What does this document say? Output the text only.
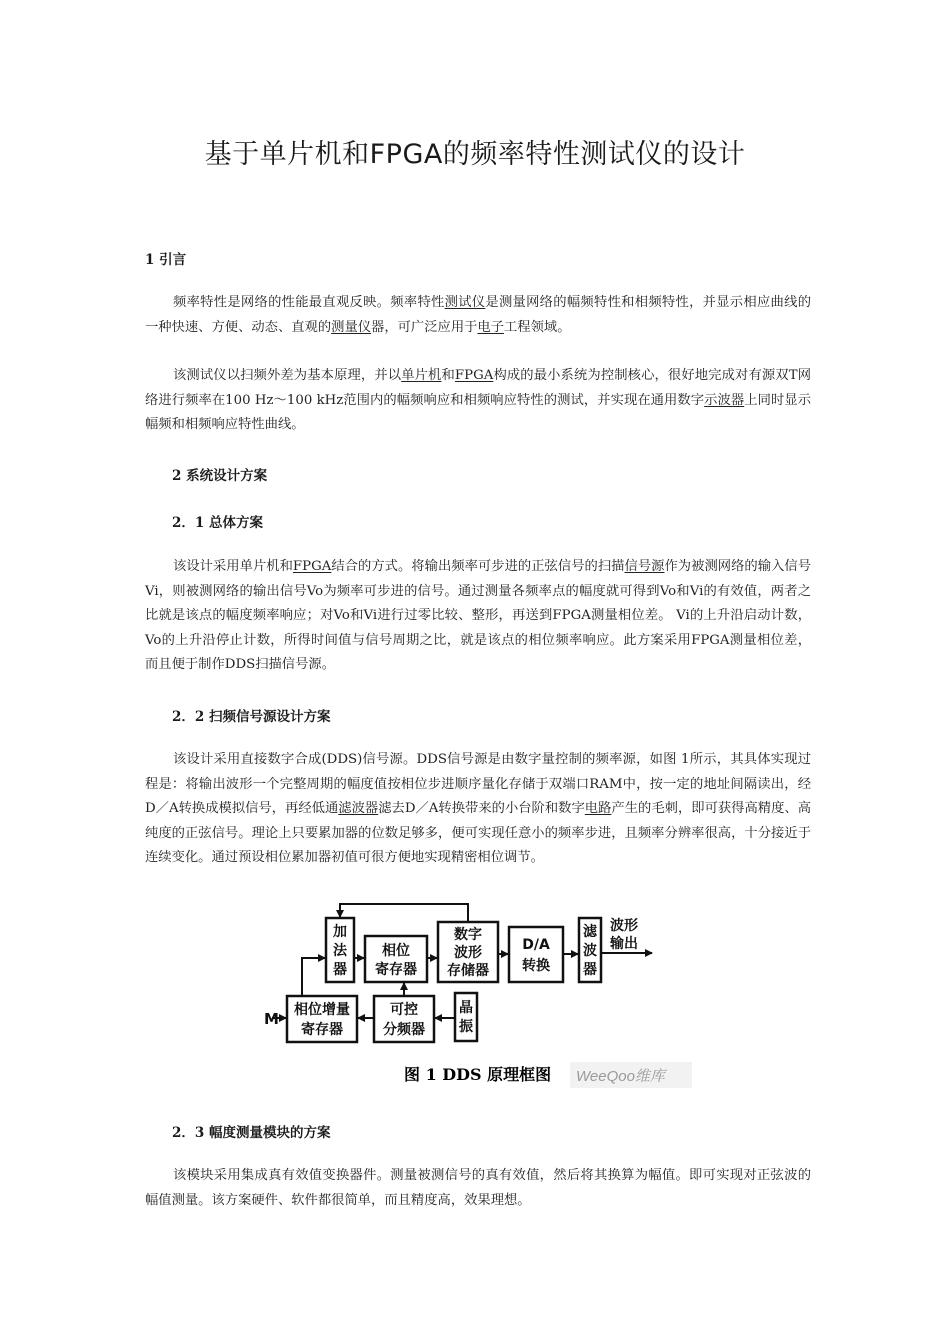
基于单片机和FPGA的频率特性测试仪的设计
1 引言
频率特性是网络的性能最直观反映。频率特性测试仪是测量网络的幅频特性和相频特性，并显示相应曲线的一种快速、方便、动态、直观的测量仪器，可广泛应用于电子工程领域。
该测试仪以扫频外差为基本原理，并以单片机和FPGA构成的最小系统为控制核心，很好地完成对有源双T网络进行频率在100 Hz～100 kHz范围内的幅频响应和相频响应特性的测试，并实现在通用数字示波器上同时显示幅频和相频响应特性曲线。
2 系统设计方案
2．1 总体方案
该设计采用单片机和FPGA结合的方式。将输出频率可步进的正弦信号的扫描信号源作为被测网络的输入信号Vi，则被测网络的输出信号Vo为频率可步进的信号。通过测量各频率点的幅度就可得到Vo和Vi的有效值，两者之比就是该点的幅度频率响应；对Vo和Vi进行过零比较、整形，再送到FPGA测量相位差。 Vi的上升沿启动计数，Vo的上升沿停止计数，所得时间值与信号周期之比，就是该点的相位频率响应。此方案采用FPGA测量相位差，而且便于制作DDS扫描信号源。
2．2 扫频信号源设计方案
该设计采用直接数字合成(DDS)信号源。DDS信号源是由数字量控制的频率源，如图 1所示，其具体实现过程是：将输出波形一个完整周期的幅度值按相位步进顺序量化存储于双端口RAM中，按一定的地址间隔读出，经D／A转换成模拟信号，再经低通滤波器滤去D／A转换带来的小台阶和数字电路产生的毛刺，即可获得高精度、高纯度的正弦信号。理论上只要累加器的位数足够多，便可实现任意小的频率步进，且频率分辨率很高，十分接近于连续变化。通过预设相位累加器初值可很方便地实现精密相位调节。
M
加
法
器
相位
寄存器
数字
波形
存储器
D/A
转换
滤
波
器
波形
输出
相位增量
寄存器
可控
分频器
晶
振
图 1 DDS 原理框图 WeeQoo维库
2．3 幅度测量模块的方案
该模块采用集成真有效值变换器件。测量被测信号的真有效值，然后将其换算为幅值。即可实现对正弦波的幅值测量。该方案硬件、软件都很简单，而且精度高，效果理想。
